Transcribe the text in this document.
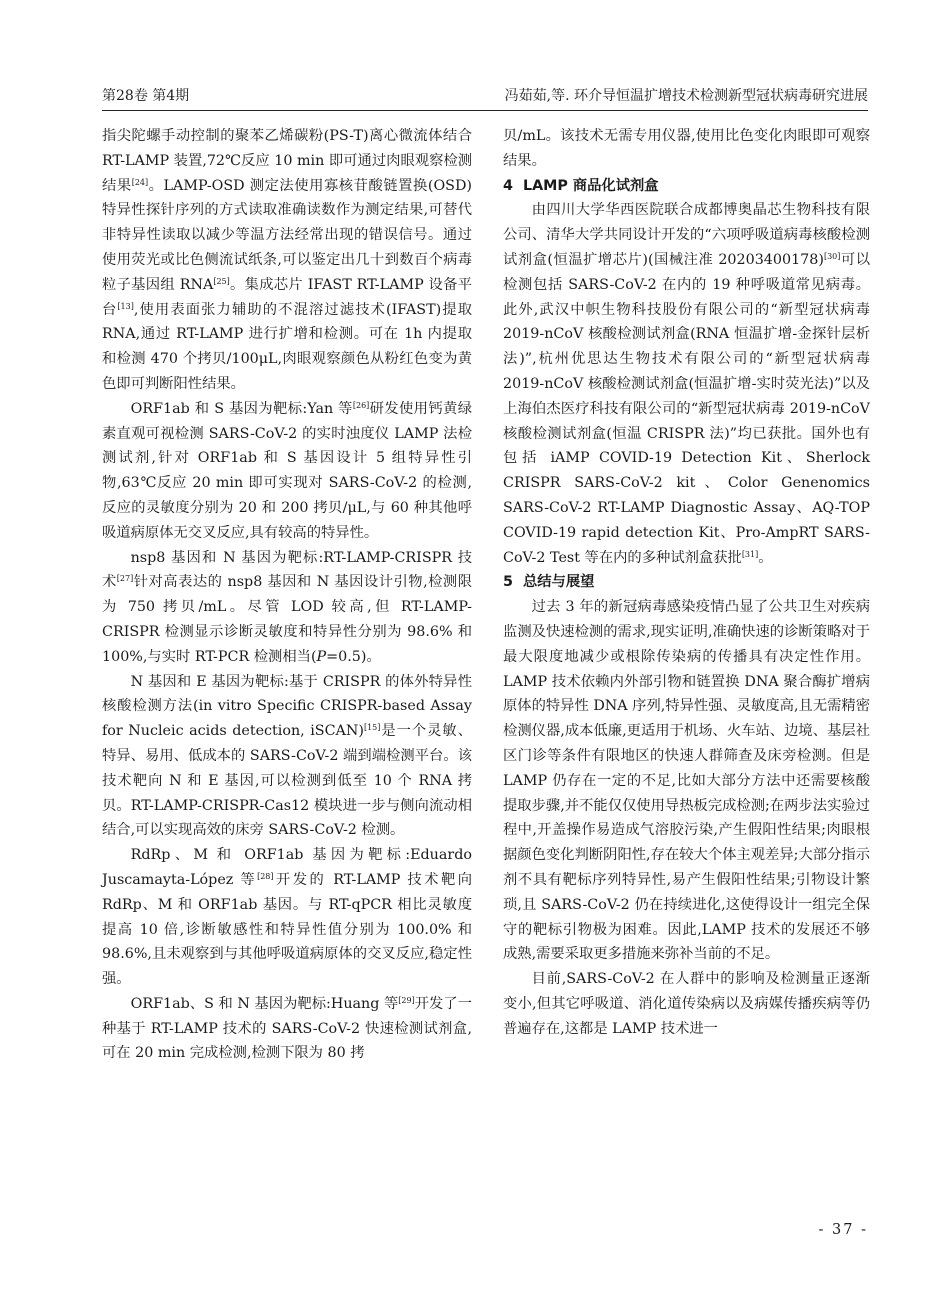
第28卷 第4期	冯茹茹,等. 环介导恒温扩增技术检测新型冠状病毒研究进展

指尖陀螺手动控制的聚苯乙烯碳粉(PS-T)离心微流体结合 RT-LAMP 装置,72℃反应 10 min 即可通过肉眼观察检测结果[24]。LAMP-OSD 测定法使用寡核苷酸链置换(OSD)特异性探针序列的方式读取准确读数作为测定结果,可替代非特异性读取以减少等温方法经常出现的错误信号。通过使用荧光或比色侧流试纸条,可以鉴定出几十到数百个病毒粒子基因组 RNA[25]。集成芯片 IFAST RT-LAMP 设备平台[13],使用表面张力辅助的不混溶过滤技术(IFAST)提取 RNA,通过 RT-LAMP 进行扩增和检测。可在 1h 内提取和检测 470 个拷贝/100μL,肉眼观察颜色从粉红色变为黄色即可判断阳性结果。

ORF1ab 和 S 基因为靶标:Yan 等[26]研发使用钙黄绿素直观可视检测 SARS-CoV-2 的实时浊度仪 LAMP 法检测试剂,针对 ORF1ab 和 S 基因设计 5 组特异性引物,63℃反应 20 min 即可实现对 SARS-CoV-2 的检测,反应的灵敏度分别为 20 和 200 拷贝/μL,与 60 种其他呼吸道病原体无交叉反应,具有较高的特异性。

nsp8 基因和 N 基因为靶标:RT-LAMP-CRISPR 技术[27]针对高表达的 nsp8 基因和 N 基因设计引物,检测限为 750 拷贝/mL。尽管 LOD 较高,但 RT-LAMP-CRISPR 检测显示诊断灵敏度和特异性分别为 98.6% 和 100%,与实时 RT-PCR 检测相当(P=0.5)。

N 基因和 E 基因为靶标:基于 CRISPR 的体外特异性核酸检测方法(in vitro Specific CRISPR-based Assay for Nucleic acids detection, iSCAN)[15]是一个灵敏、特异、易用、低成本的 SARS-CoV-2 端到端检测平台。该技术靶向 N 和 E 基因,可以检测到低至 10 个 RNA 拷贝。RT-LAMP-CRISPR-Cas12 模块进一步与侧向流动相结合,可以实现高效的床旁 SARS-CoV-2 检测。

RdRp、M 和 ORF1ab 基因为靶标:Eduardo Juscamayta-López 等[28]开发的 RT-LAMP 技术靶向 RdRp、M 和 ORF1ab 基因。与 RT-qPCR 相比灵敏度提高 10 倍,诊断敏感性和特异性值分别为 100.0% 和 98.6%,且未观察到与其他呼吸道病原体的交叉反应,稳定性强。

ORF1ab、S 和 N 基因为靶标:Huang 等[29]开发了一种基于 RT-LAMP 技术的 SARS-CoV-2 快速检测试剂盒,可在 20 min 完成检测,检测下限为 80 拷

贝/mL。该技术无需专用仪器,使用比色变化肉眼即可观察结果。

4 LAMP 商品化试剂盒

由四川大学华西医院联合成都博奥晶芯生物科技有限公司、清华大学共同设计开发的“六项呼吸道病毒核酸检测试剂盒(恒温扩增芯片)(国械注准 20203400178)[30]可以检测包括 SARS-CoV-2 在内的 19 种呼吸道常见病毒。此外,武汉中帜生物科技股份有限公司的“新型冠状病毒 2019-nCoV 核酸检测试剂盒(RNA 恒温扩增-金探针层析法)”,杭州优思达生物技术有限公司的“新型冠状病毒 2019-nCoV 核酸检测试剂盒(恒温扩增-实时荧光法)”以及上海伯杰医疗科技有限公司的“新型冠状病毒 2019-nCoV 核酸检测试剂盒(恒温 CRISPR 法)”均已获批。国外也有包括 iAMP COVID-19 Detection Kit、Sherlock CRISPR SARS-CoV-2 kit、Color Genenomics SARS-CoV-2 RT-LAMP Diagnostic Assay、AQ-TOP COVID-19 rapid detection Kit、Pro-AmpRT SARS-CoV-2 Test 等在内的多种试剂盒获批[31]。

5 总结与展望

过去 3 年的新冠病毒感染疫情凸显了公共卫生对疾病监测及快速检测的需求,现实证明,准确快速的诊断策略对于最大限度地减少或根除传染病的传播具有决定性作用。LAMP 技术依赖内外部引物和链置换 DNA 聚合酶扩增病原体的特异性 DNA 序列,特异性强、灵敏度高,且无需精密检测仪器,成本低廉,更适用于机场、火车站、边境、基层社区门诊等条件有限地区的快速人群筛查及床旁检测。但是 LAMP 仍存在一定的不足,比如大部分方法中还需要核酸提取步骤,并不能仅仅使用导热板完成检测;在两步法实验过程中,开盖操作易造成气溶胶污染,产生假阳性结果;肉眼根据颜色变化判断阴阳性,存在较大个体主观差异;大部分指示剂不具有靶标序列特异性,易产生假阳性结果;引物设计繁琐,且 SARS-CoV-2 仍在持续进化,这使得设计一组完全保守的靶标引物极为困难。因此,LAMP 技术的发展还不够成熟,需要采取更多措施来弥补当前的不足。

目前,SARS-CoV-2 在人群中的影响及检测量正逐渐变小,但其它呼吸道、消化道传染病以及病媒传播疾病等仍普遍存在,这都是 LAMP 技术进一

- 37 -
